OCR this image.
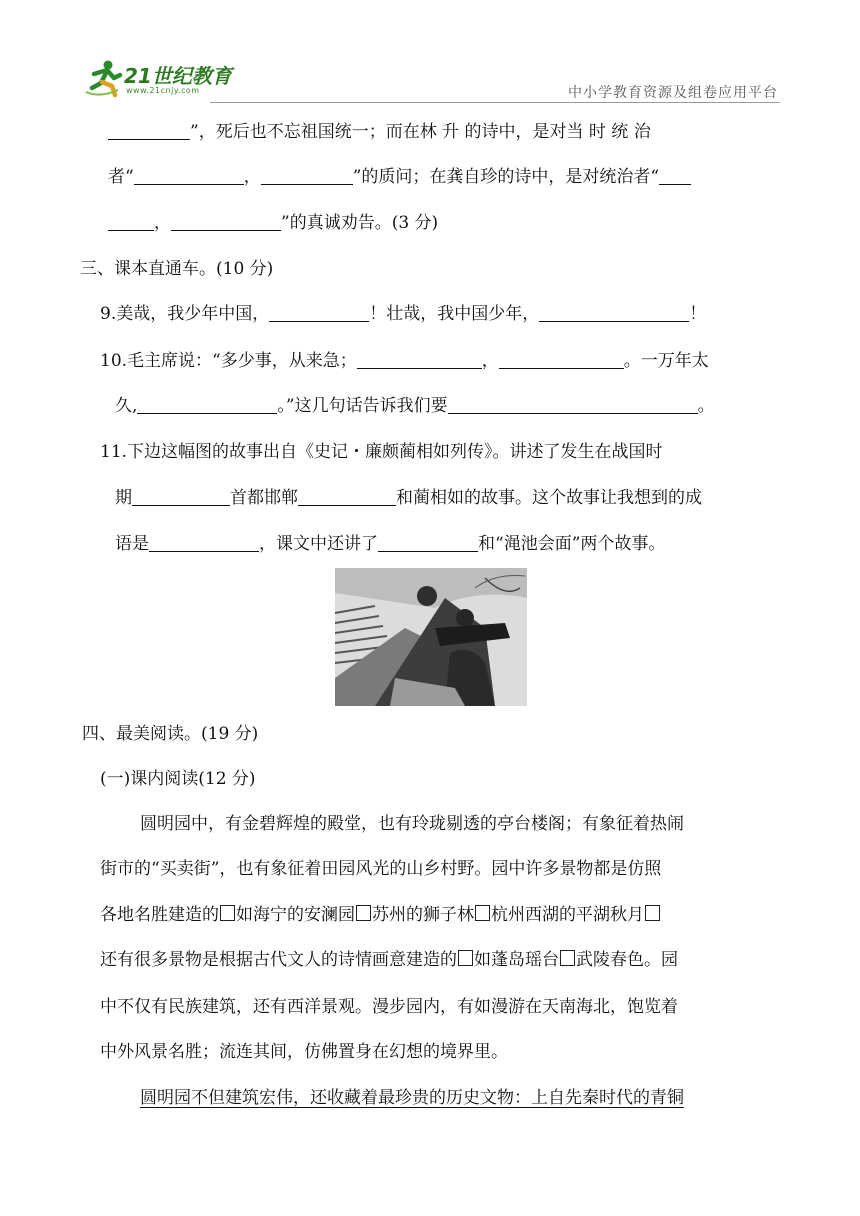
21世纪教育
www.21cnjy.com	中小学教育资源及组卷应用平台
”，死后也不忘祖国统一；而在林 升 的诗中，是对当 时 统 治
者“	，	”的质问；在龚自珍的诗中，是对统治者“
，	”的真诚劝告。(3 分)
三、课本直通车。(10 分)
9.美哉，我少年中国，	！壮哉，我中国少年，	！
10.毛主席说：“多少事，从来急；	，	。一万年太
久,	。”这几句话告诉我们要	。
11.下边这幅图的故事出自《史记・廉颇蔺相如列传》。讲述了发生在战国时
期	首都邯郸	和蔺相如的故事。这个故事让我想到的成
语是	，课文中还讲了	和“渑池会面”两个故事。
四、最美阅读。(19 分)
(一)课内阅读(12 分)
圆明园中，有金碧辉煌的殿堂，也有玲珑剔透的亭台楼阁；有象征着热闹
街市的“买卖街”，也有象征着田园风光的山乡村野。园中许多景物都是仿照
各地名胜建造的 如海宁的安澜园 苏州的狮子林 杭州西湖的平湖秋月
还有很多景物是根据古代文人的诗情画意建造的 如蓬岛瑶台 武陵春色。园
中不仅有民族建筑，还有西洋景观。漫步园内，有如漫游在天南海北，饱览着
中外风景名胜；流连其间，仿佛置身在幻想的境界里。
圆明园不但建筑宏伟，还收藏着最珍贵的历史文物：上自先秦时代的青铜
